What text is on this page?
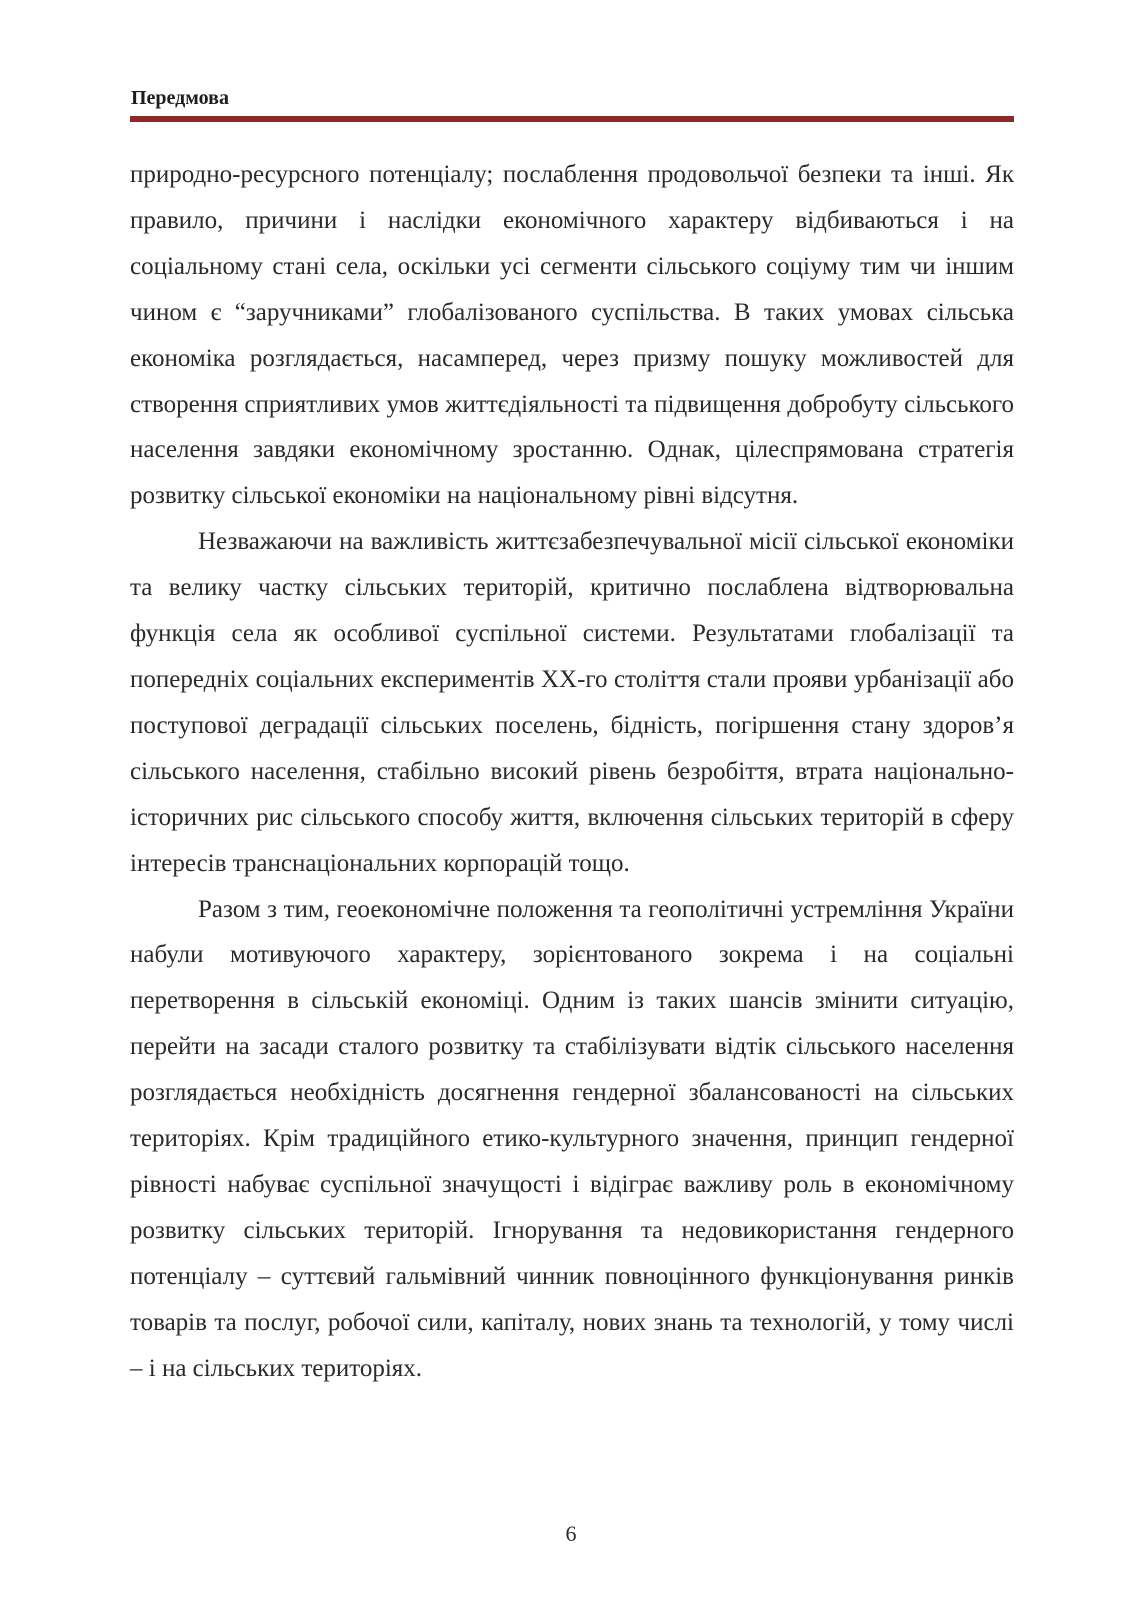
Передмова

природно-ресурсного потенціалу; послаблення продовольчої безпеки та інші. Як правило, причини і наслідки економічного характеру відбиваються і на соціальному стані села, оскільки усі сегменти сільського соціуму тим чи іншим чином є “заручниками” глобалізованого суспільства. В таких умовах сільська економіка розглядається, насамперед, через призму пошуку можливостей для створення сприятливих умов життєдіяльності та підвищення добробуту сільського населення завдяки економічному зростанню. Однак, цілеспрямована стратегія розвитку сільської економіки на національному рівні відсутня.

Незважаючи на важливість життєзабезпечувальної місії сільської економіки та велику частку сільських територій, критично послаблена відтворювальна функція села як особливої суспільної системи. Результатами глобалізації та попередніх соціальних експериментів ХХ-го століття стали прояви урбанізації або поступової деградації сільських поселень, бідність, погіршення стану здоров’я сільського населення, стабільно високий рівень безробіття, втрата національно-історичних рис сільського способу життя, включення сільських територій в сферу інтересів транснаціональних корпорацій тощо.

Разом з тим, геоекономічне положення та геополітичні устремління України набули мотивуючого характеру, зорієнтованого зокрема і на соціальні перетворення в сільській економіці. Одним із таких шансів змінити ситуацію, перейти на засади сталого розвитку та стабілізувати відтік сільського населення розглядається необхідність досягнення гендерної збалансованості на сільських територіях. Крім традиційного етико-культурного значення, принцип гендерної рівності набуває суспільної значущості і відіграє важливу роль в економічному розвитку сільських територій. Ігнорування та недовикористання гендерного потенціалу – суттєвий гальмівний чинник повноцінного функціонування ринків товарів та послуг, робочої сили, капіталу, нових знань та технологій, у тому числі – і на сільських територіях.

6
